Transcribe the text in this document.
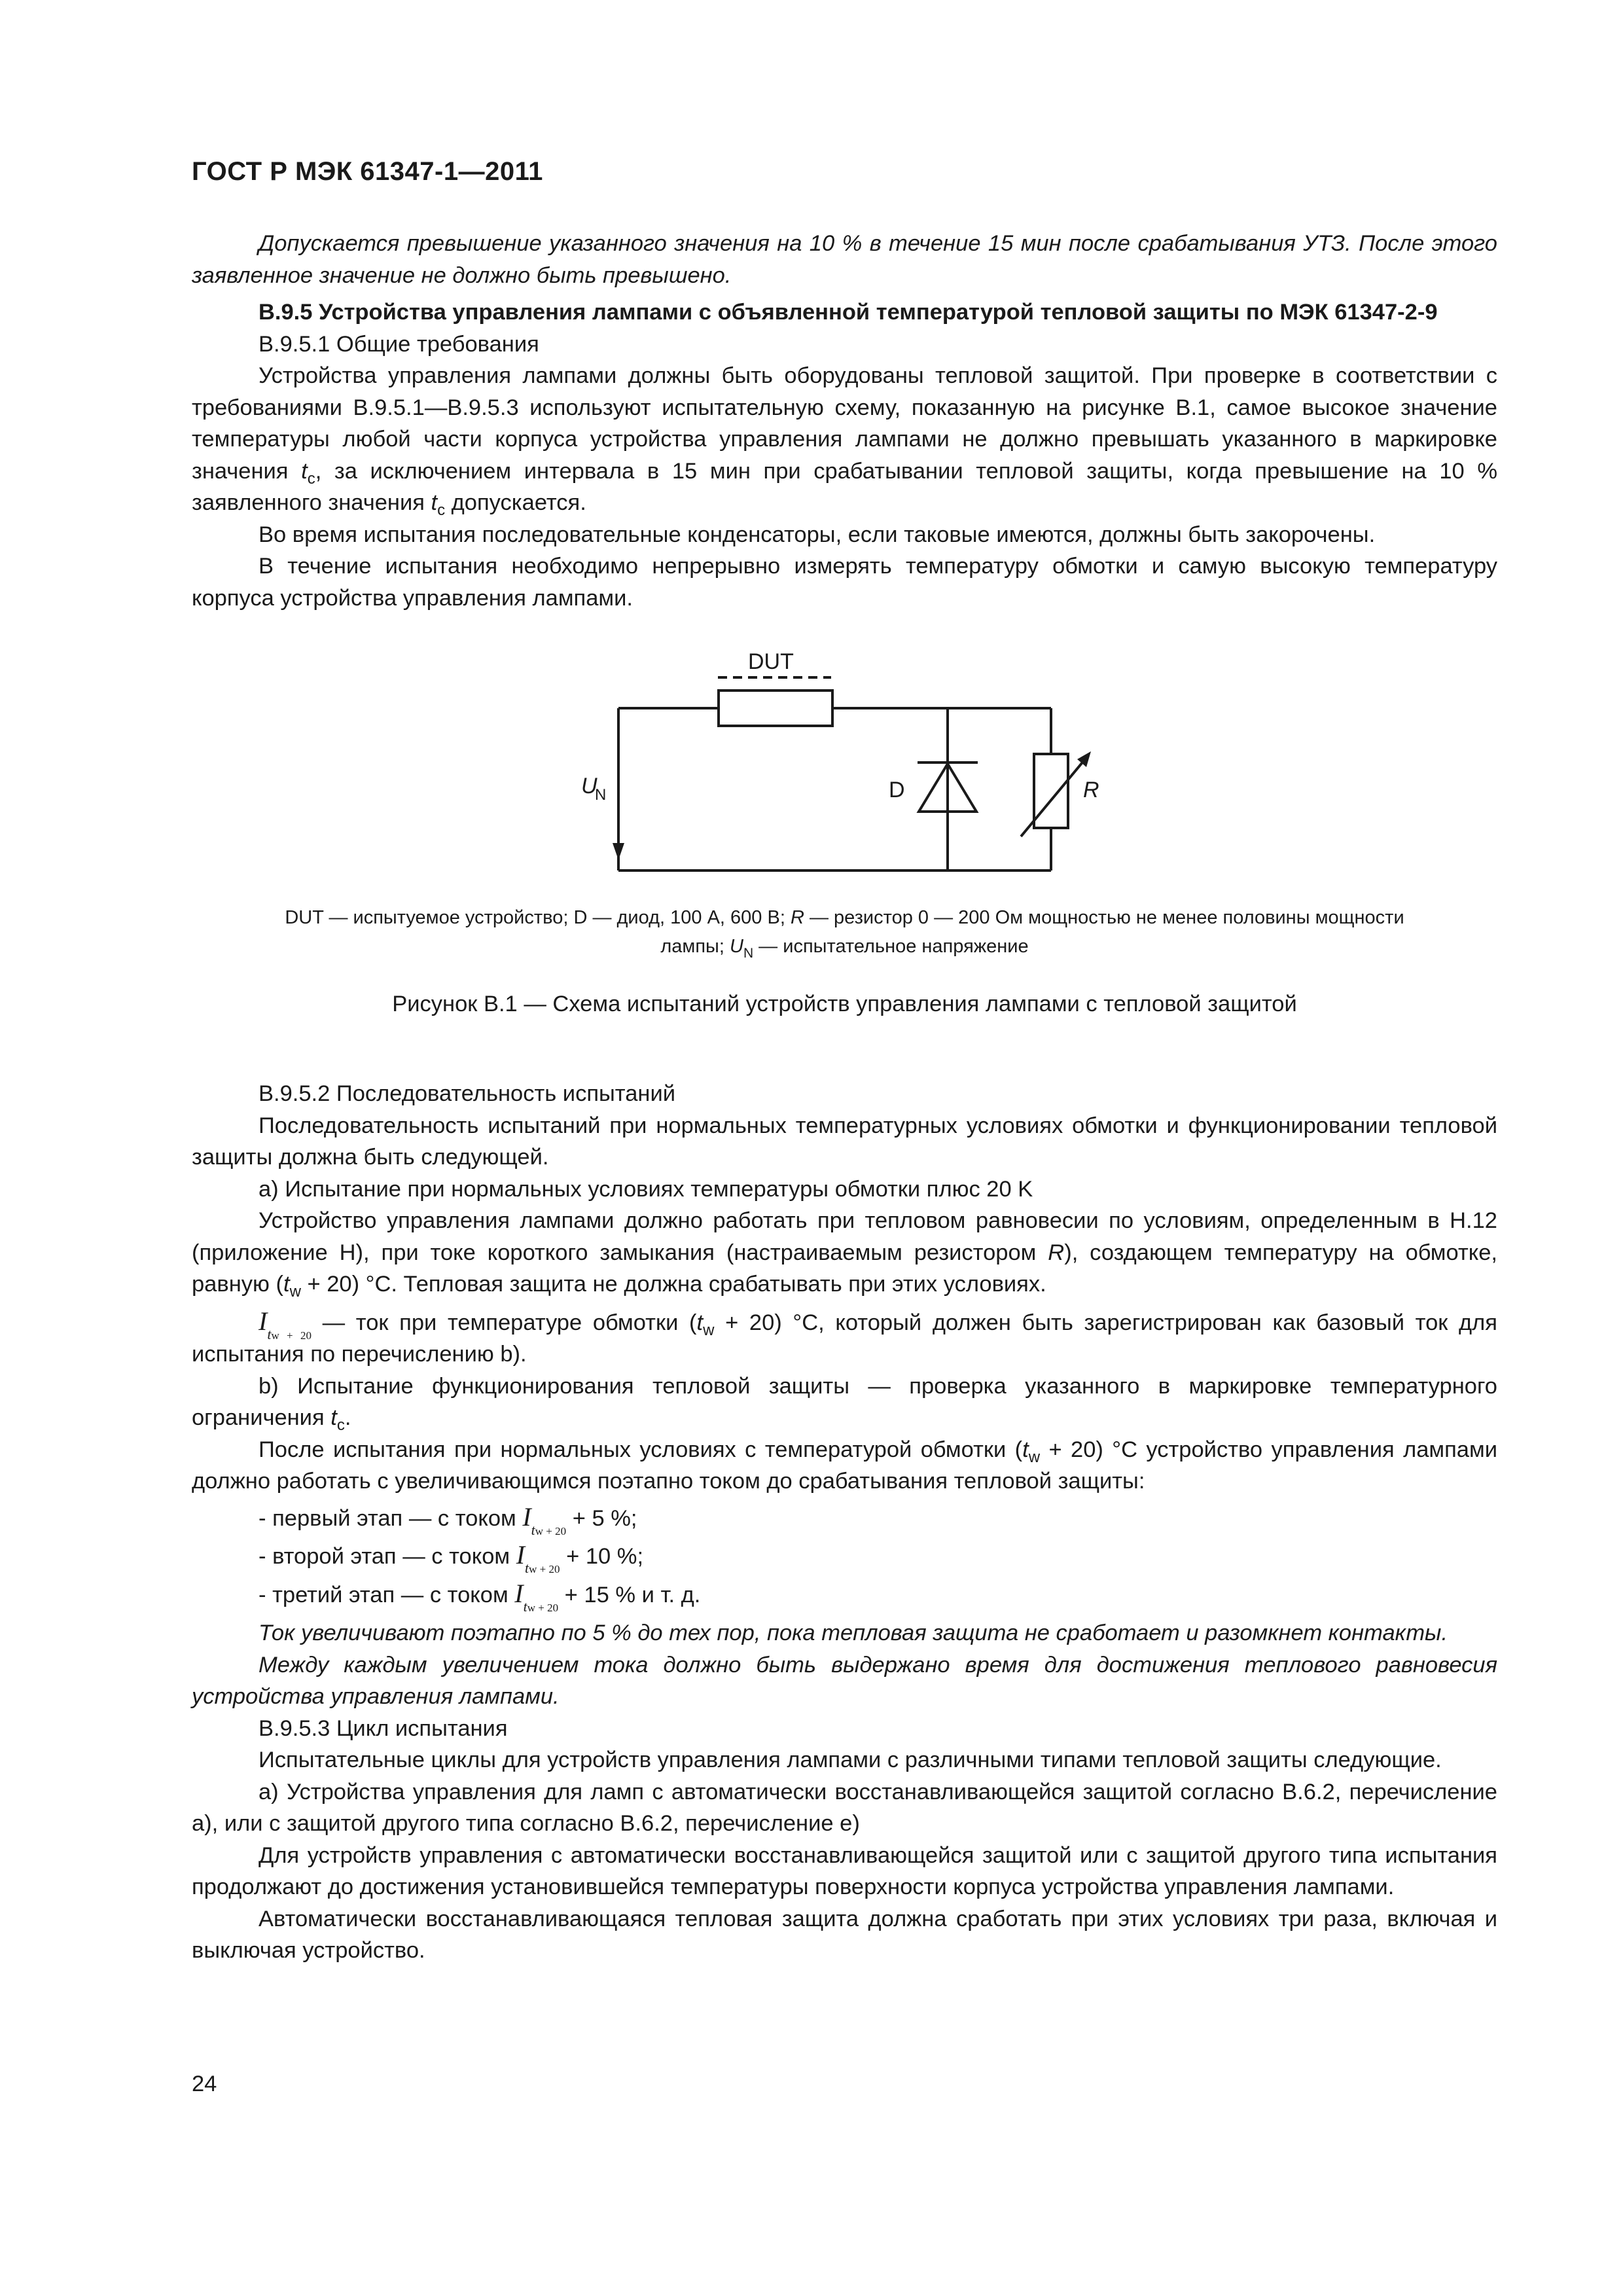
ГОСТ Р МЭК 61347-1—2011

Допускается превышение указанного значения на 10 % в течение 15 мин после срабатывания УТЗ. После этого заявленное значение не должно быть превышено.

B.9.5 Устройства управления лампами с объявленной температурой тепловой защиты по МЭК 61347-2-9

B.9.5.1 Общие требования

Устройства управления лампами должны быть оборудованы тепловой защитой. При проверке в соответствии с требованиями B.9.5.1—B.9.5.3 используют испытательную схему, показанную на рисунке B.1, самое высокое значение температуры любой части корпуса устройства управления лампами не должно превышать указанного в маркировке значения $t_c$, за исключением интервала в 15 мин при срабатывании тепловой защиты, когда превышение на 10 % заявленного значения $t_c$ допускается.

Во время испытания последовательные конденсаторы, если таковые имеются, должны быть закорочены.

В течение испытания необходимо непрерывно измерять температуру обмотки и самую высокую температуру корпуса устройства управления лампами.

DUT
U
N	D	R
DUT — испытуемое устройство; D — диод, 100 A, 600 B; R — резистор 0 — 200 Ом мощностью не менее половины мощности
лампы; $U_N$ — испытательное напряжение
Рисунок B.1 — Схема испытаний устройств управления лампами с тепловой защитой

B.9.5.2 Последовательность испытаний

Последовательность испытаний при нормальных температурных условиях обмотки и функционировании тепловой защиты должна быть следующей.

a) Испытание при нормальных условиях температуры обмотки плюс 20 K

Устройство управления лампами должно работать при тепловом равновесии по условиям, определенным в H.12 (приложение H), при токе короткого замыкания (настраиваемым резистором R), создающем температуру на обмотке, равную $(t_w + 20)$ °C. Тепловая защита не должна срабатывать при этих условиях.

$I_{tw + 20}$ — ток при температуре обмотки $(t_w + 20)$ °C, который должен быть зарегистрирован как базовый ток для испытания по перечислению b).

b) Испытание функционирования тепловой защиты — проверка указанного в маркировке температурного ограничения $t_c$.

После испытания при нормальных условиях с температурой обмотки $(t_w + 20)$ °C устройство управления лампами должно работать с увеличивающимся поэтапно током до срабатывания тепловой защиты:

- первый этап — с током $I_{tw + 20} + 5$ %;

- второй этап — с током $I_{tw + 20} + 10$ %;

- третий этап — с током $I_{tw + 20} + 15$ % и т. д.

Ток увеличивают поэтапно по 5 % до тех пор, пока тепловая защита не сработает и разомкнет контакты.

Между каждым увеличением тока должно быть выдержано время для достижения теплового равновесия устройства управления лампами.

B.9.5.3 Цикл испытания

Испытательные циклы для устройств управления лампами с различными типами тепловой защиты следующие.

a) Устройства управления для ламп с автоматически восстанавливающейся защитой согласно B.6.2, перечисление a), или с защитой другого типа согласно B.6.2, перечисление e)

Для устройств управления с автоматически восстанавливающейся защитой или с защитой другого типа испытания продолжают до достижения установившейся температуры поверхности корпуса устройства управления лампами.

Автоматически восстанавливающаяся тепловая защита должна сработать при этих условиях три раза, включая и выключая устройство.

24
